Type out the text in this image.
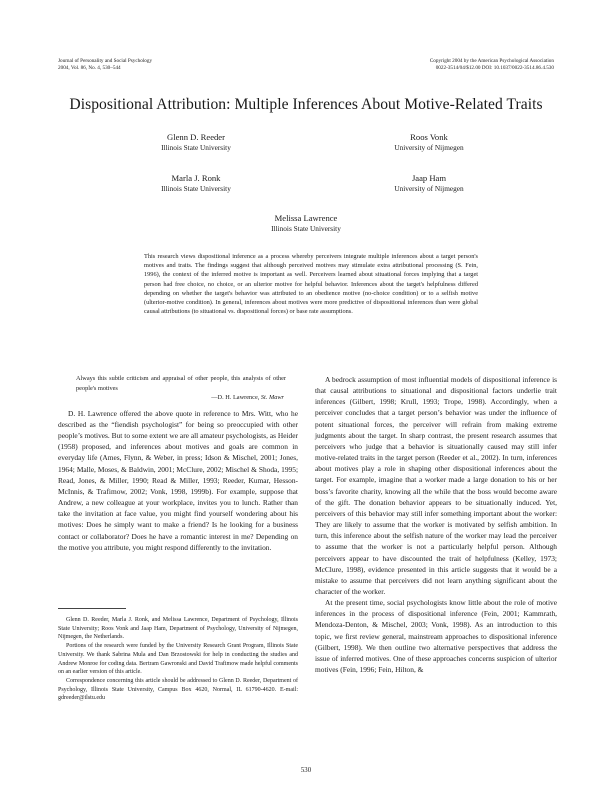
Journal of Personality and Social Psychology
2004, Vol. 86, No. 4, 530–544
Copyright 2004 by the American Psychological Association
0022-3514/04/$12.00 DOI: 10.1037/0022-3514.86.4.530
Dispositional Attribution: Multiple Inferences About Motive-Related Traits
Glenn D. Reeder
Illinois State University
Roos Vonk
University of Nijmegen
Marla J. Ronk
Illinois State University
Jaap Ham
University of Nijmegen
Melissa Lawrence
Illinois State University
This research views dispositional inference as a process whereby perceivers integrate multiple inferences about a target person's motives and traits. The findings suggest that although perceived motives may stimulate extra attributional processing (S. Fein, 1996), the context of the inferred motive is important as well. Perceivers learned about situational forces implying that a target person had free choice, no choice, or an ulterior motive for helpful behavior. Inferences about the target's helpfulness differed depending on whether the target's behavior was attributed to an obedience motive (no-choice condition) or to a selfish motive (ulterior-motive condition). In general, inferences about motives were more predictive of dispositional inferences than were global causal attributions (to situational vs. dispositional forces) or base rate assumptions.

Always this subtle criticism and appraisal of other people, this analysis of other people's motives

—D. H. Lawrence, St. Mawr

D. H. Lawrence offered the above quote in reference to Mrs. Witt, who he described as the “fiendish psychologist” for being so preoccupied with other people’s motives. But to some extent we are all amateur psychologists, as Heider (1958) proposed, and inferences about motives and goals are common in everyday life (Ames, Flynn, & Weber, in press; Idson & Mischel, 2001; Jones, 1964; Malle, Moses, & Baldwin, 2001; McClure, 2002; Mischel & Shoda, 1995; Read, Jones, & Miller, 1990; Read & Miller, 1993; Reeder, Kumar, Hesson-McInnis, & Trafimow, 2002; Vonk, 1998, 1999b). For example, suppose that Andrew, a new colleague at your workplace, invites you to lunch. Rather than take the invitation at face value, you might find yourself wondering about his motives: Does he simply want to make a friend? Is he looking for a business contact or collaborator? Does he have a romantic interest in me? Depending on the motive you attribute, you might respond differently to the invitation.

Glenn D. Reeder, Marla J. Ronk, and Melissa Lawrence, Department of Psychology, Illinois State University; Roos Vonk and Jaap Ham, Department of Psychology, University of Nijmegen, Nijmegen, the Netherlands.

Portions of the research were funded by the University Research Grant Program, Illinois State University. We thank Sabrina Mula and Dan Brzostowski for help in conducting the studies and Andrew Monroe for coding data. Bertram Gawronski and David Trafimow made helpful comments on an earlier version of this article.

Correspondence concerning this article should be addressed to Glenn D. Reeder, Department of Psychology, Illinois State University, Campus Box 4620, Normal, IL 61790-4620. E-mail: gdreeder@ilstu.edu

A bedrock assumption of most influential models of dispositional inference is that causal attributions to situational and dispositional factors underlie trait inferences (Gilbert, 1998; Krull, 1993; Trope, 1998). Accordingly, when a perceiver concludes that a target person’s behavior was under the influence of potent situational forces, the perceiver will refrain from making extreme judgments about the target. In sharp contrast, the present research assumes that perceivers who judge that a behavior is situationally caused may still infer motive-related traits in the target person (Reeder et al., 2002). In turn, inferences about motives play a role in shaping other dispositional inferences about the target. For example, imagine that a worker made a large donation to his or her boss’s favorite charity, knowing all the while that the boss would become aware of the gift. The donation behavior appears to be situationally induced. Yet, perceivers of this behavior may still infer something important about the worker: They are likely to assume that the worker is motivated by selfish ambition. In turn, this inference about the selfish nature of the worker may lead the perceiver to assume that the worker is not a particularly helpful person. Although perceivers appear to have discounted the trait of helpfulness (Kelley, 1973; McClure, 1998), evidence presented in this article suggests that it would be a mistake to assume that perceivers did not learn anything significant about the character of the worker.

At the present time, social psychologists know little about the role of motive inferences in the process of dispositional inference (Fein, 2001; Kammrath, Mendoza-Denton, & Mischel, 2003; Vonk, 1998). As an introduction to this topic, we first review general, mainstream approaches to dispositional inference (Gilbert, 1998). We then outline two alternative perspectives that address the issue of inferred motives. One of these approaches concerns suspicion of ulterior motives (Fein, 1996; Fein, Hilton, &

530
